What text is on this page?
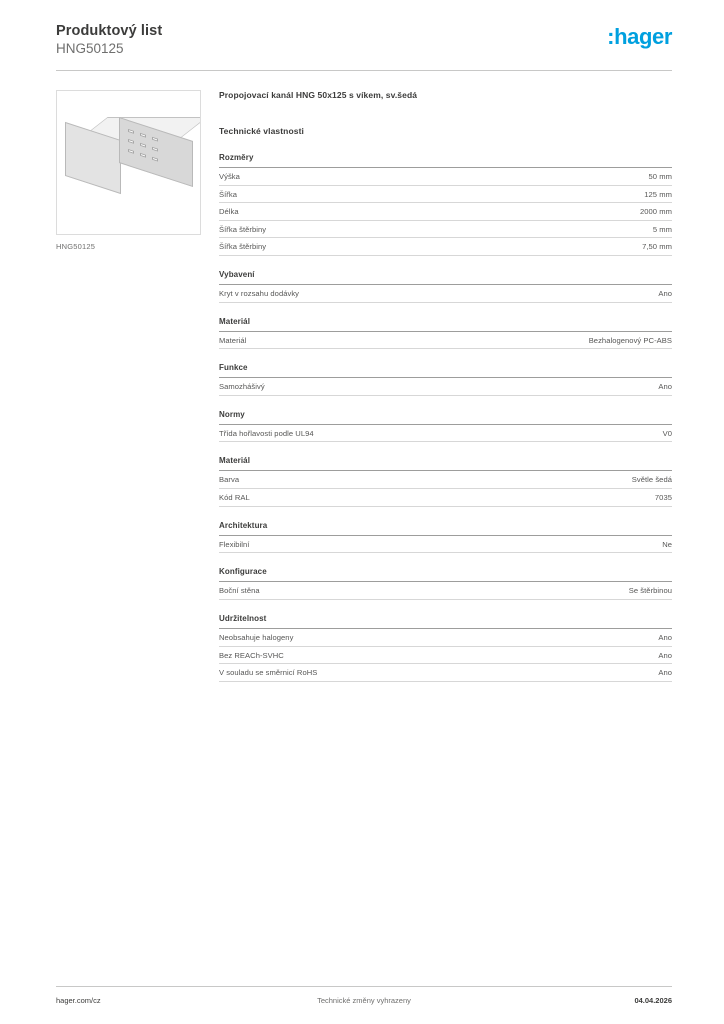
Produktový list
HNG50125	:hager
HNG50125
Propojovací kanál HNG 50x125 s víkem, sv.šedá
Technické vlastnosti
Rozměry
Výška	50 mm
Šířka	125 mm
Délka	2000 mm
Šířka štěrbiny	5 mm
Šířka štěrbiny	7,50 mm
Vybavení
Kryt v rozsahu dodávky	Ano
Materiál
Materiál	Bezhalogenový PC-ABS
Funkce
Samozhášivý	Ano
Normy
Třída hořlavosti podle UL94	V0
Materiál
Barva	Světle šedá
Kód RAL	7035
Architektura
Flexibilní	Ne
Konfigurace
Boční stěna	Se štěrbinou
Udržitelnost
Neobsahuje halogeny	Ano
Bez REACh-SVHC	Ano
V souladu se směrnicí RoHS	Ano
hager.com/cz	Technické změny vyhrazeny	04.04.2026
